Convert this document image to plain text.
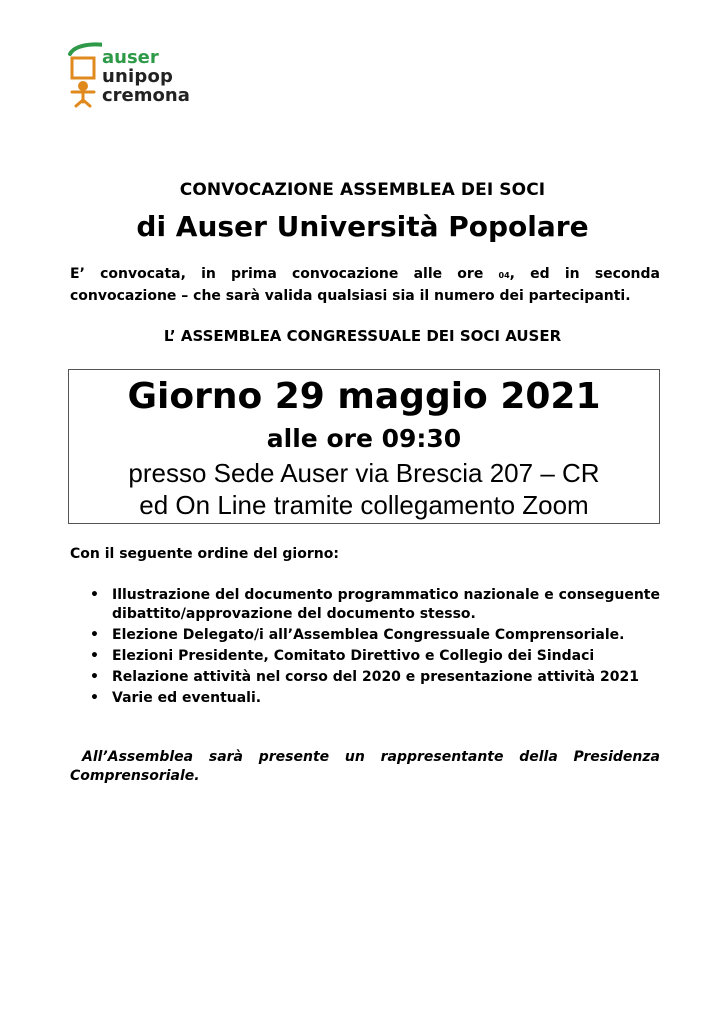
auser
unipop
cremona
CONVOCAZIONE ASSEMBLEA DEI SOCI
di Auser Università Popolare
E’ convocata, in prima convocazione alle ore 04, ed in seconda convocazione – che sarà valida qualsiasi sia il numero dei partecipanti.
L’ ASSEMBLEA CONGRESSUALE DEI SOCI AUSER
Giorno 29 maggio 2021
alle ore 09:30
presso Sede Auser via Brescia 207 – CR
ed On Line tramite collegamento Zoom
Con il seguente ordine del giorno:
• Illustrazione del documento programmatico nazionale e conseguente dibattito/approvazione del documento stesso.
• Elezione Delegato/i all’Assemblea Congressuale Comprensoriale.
• Elezioni Presidente, Comitato Direttivo e Collegio dei Sindaci
• Relazione attività nel corso del 2020 e presentazione attività 2021
• Varie ed eventuali.
All’Assemblea sarà presente un rappresentante della Presidenza Comprensoriale.
